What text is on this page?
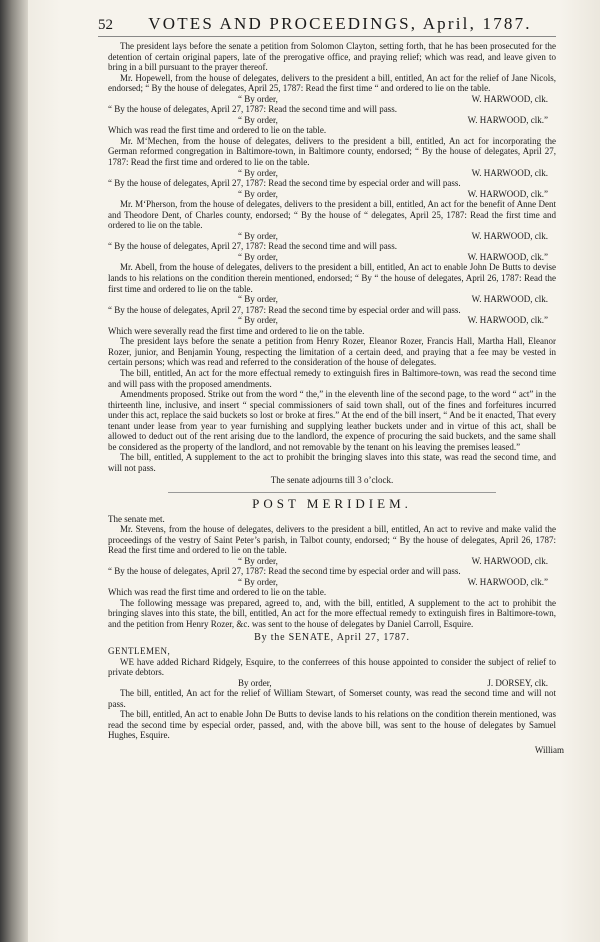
52	VOTES AND PROCEEDINGS, April, 1787.

The president lays before the senate a petition from Solomon Clayton, setting forth, that he has been prosecuted for the detention of certain original papers, late of the prerogative office, and praying relief; which was read, and leave given to bring in a bill pursuant to the prayer thereof.

Mr. Hopewell, from the house of delegates, delivers to the president a bill, entitled, An act for the relief of Jane Nicols, endorsed; “ By the house of delegates, April 25, 1787: Read the first time “ and ordered to lie on the table.

“ By order,	W. HARWOOD, clk.

“ By the house of delegates, April 27, 1787: Read the second time and will pass.

“ By order,	W. HARWOOD, clk.”

Which was read the first time and ordered to lie on the table.

Mr. M‘Mechen, from the house of delegates, delivers to the president a bill, entitled, An act for incorporating the German reformed congregation in Baltimore-town, in Baltimore county, endorsed; “ By the house of delegates, April 27, 1787: Read the first time and ordered to lie on the table.

“ By order,	W. HARWOOD, clk.

“ By the house of delegates, April 27, 1787: Read the second time by especial order and will pass.

“ By order,	W. HARWOOD, clk.”

Mr. M‘Pherson, from the house of delegates, delivers to the president a bill, entitled, An act for the benefit of Anne Dent and Theodore Dent, of Charles county, endorsed; “ By the house of “ delegates, April 25, 1787: Read the first time and ordered to lie on the table.

“ By order,	W. HARWOOD, clk.

“ By the house of delegates, April 27, 1787: Read the second time and will pass.

“ By order,	W. HARWOOD, clk.”

Mr. Abell, from the house of delegates, delivers to the president a bill, entitled, An act to enable John De Butts to devise lands to his relations on the condition therein mentioned, endorsed; “ By “ the house of delegates, April 26, 1787: Read the first time and ordered to lie on the table.

“ By order,	W. HARWOOD, clk.

“ By the house of delegates, April 27, 1787: Read the second time by especial order and will pass.

“ By order,	W. HARWOOD, clk.”

Which were severally read the first time and ordered to lie on the table.

The president lays before the senate a petition from Henry Rozer, Eleanor Rozer, Francis Hall, Martha Hall, Eleanor Rozer, junior, and Benjamin Young, respecting the limitation of a certain deed, and praying that a fee may be vested in certain persons; which was read and referred to the consideration of the house of delegates.

The bill, entitled, An act for the more effectual remedy to extinguish fires in Baltimore-town, was read the second time and will pass with the proposed amendments.

Amendments proposed. Strike out from the word “ the,” in the eleventh line of the second page, to the word “ act” in the thirteenth line, inclusive, and insert “ special commissioners of said town shall, out of the fines and forfeitures incurred under this act, replace the said buckets so lost or broke at fires.” At the end of the bill insert, “ And be it enacted, That every tenant under lease from year to year furnishing and supplying leather buckets under and in virtue of this act, shall be allowed to deduct out of the rent arising due to the landlord, the expence of procuring the said buckets, and the same shall be considered as the property of the landlord, and not removable by the tenant on his leaving the premises leased.”

The bill, entitled, A supplement to the act to prohibit the bringing slaves into this state, was read the second time, and will not pass.

The senate adjourns till 3 o’clock.

POST MERIDIEM.

The senate met.

Mr. Stevens, from the house of delegates, delivers to the president a bill, entitled, An act to revive and make valid the proceedings of the vestry of Saint Peter’s parish, in Talbot county, endorsed; “ By the house of delegates, April 26, 1787: Read the first time and ordered to lie on the table.

“ By order,	W. HARWOOD, clk.

“ By the house of delegates, April 27, 1787: Read the second time by especial order and will pass.

“ By order,	W. HARWOOD, clk.”

Which was read the first time and ordered to lie on the table.

The following message was prepared, agreed to, and, with the bill, entitled, A supplement to the act to prohibit the bringing slaves into this state, the bill, entitled, An act for the more effectual remedy to extinguish fires in Baltimore-town, and the petition from Henry Rozer, &c. was sent to the house of delegates by Daniel Carroll, Esquire.

By the SENATE, April 27, 1787.

GENTLEMEN,

WE have added Richard Ridgely, Esquire, to the conferrees of this house appointed to consider the subject of relief to private debtors.

By order,	J. DORSEY, clk.

The bill, entitled, An act for the relief of William Stewart, of Somerset county, was read the second time and will not pass.

The bill, entitled, An act to enable John De Butts to devise lands to his relations on the condition therein mentioned, was read the second time by especial order, passed, and, with the above bill, was sent to the house of delegates by Samuel Hughes, Esquire.

William
